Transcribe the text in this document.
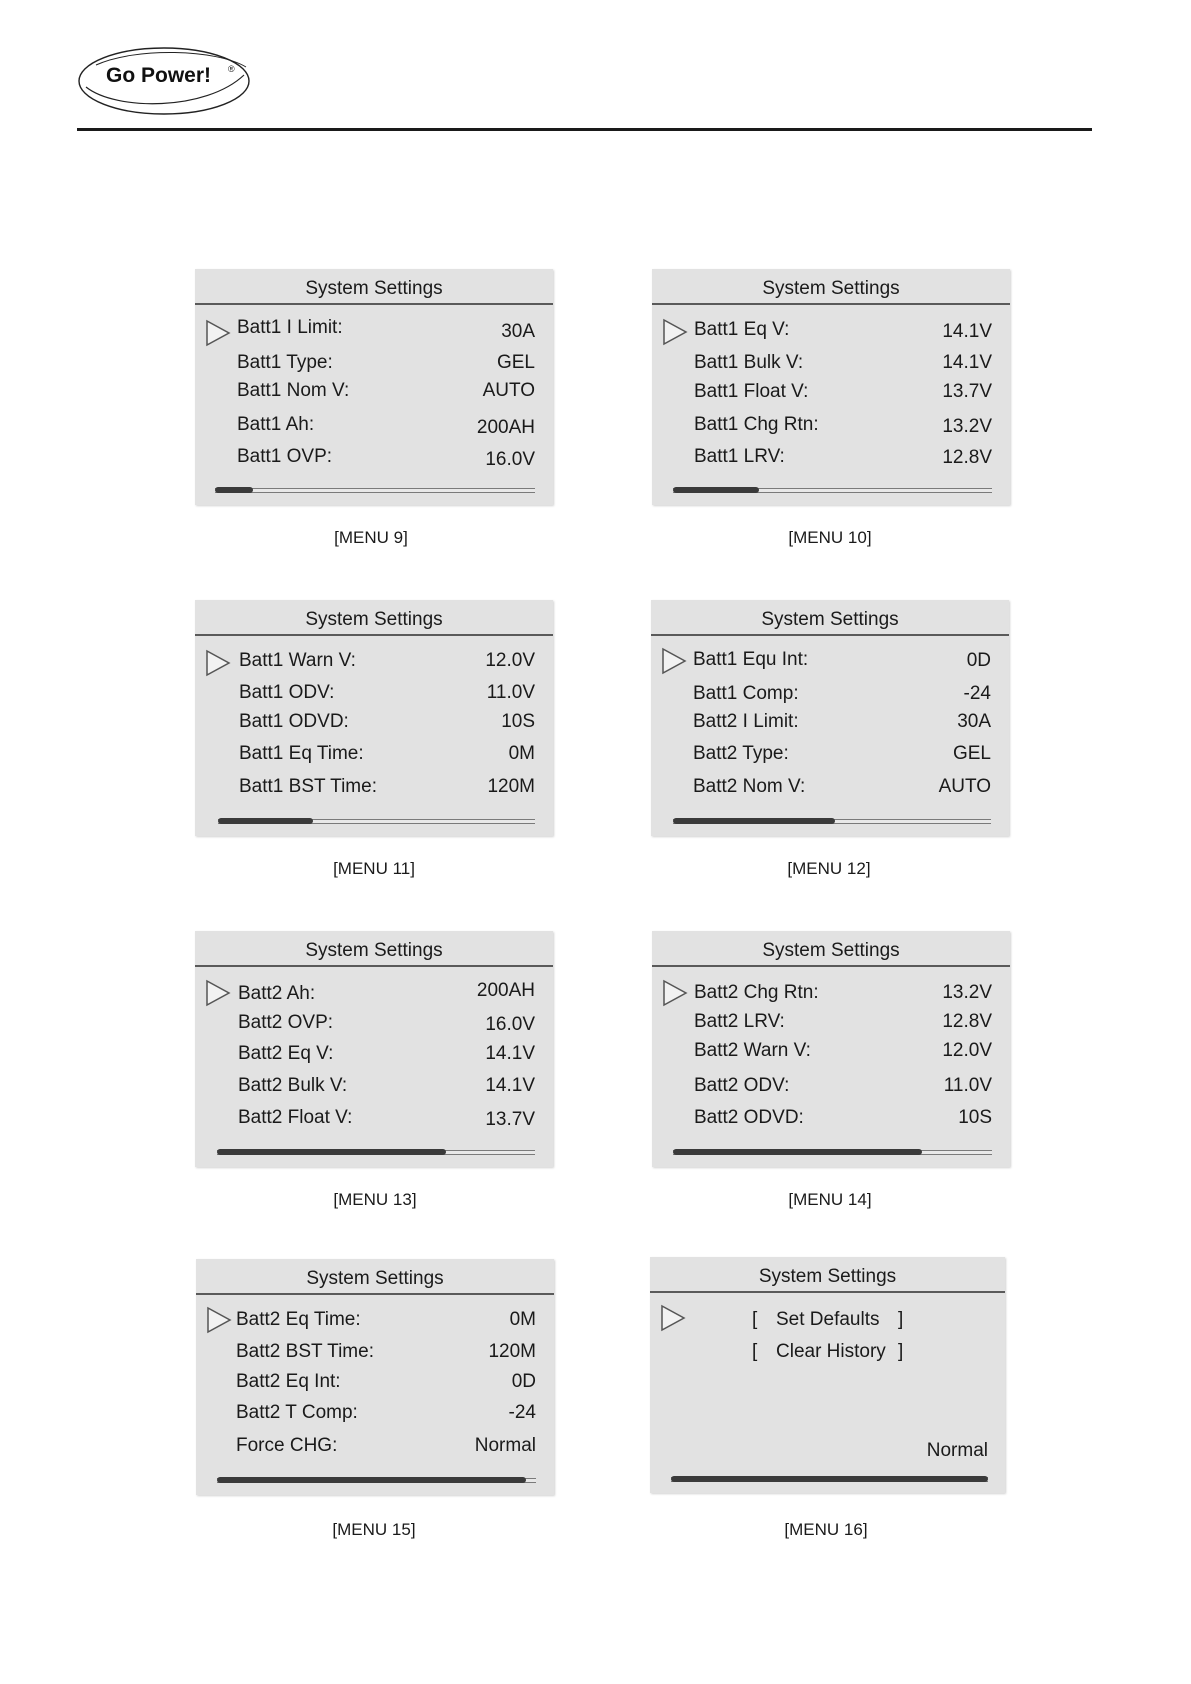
Go Power! ®
System Settings
Batt1 I Limit:	30A
Batt1 Type:	GEL
Batt1 Nom V:	AUTO
Batt1 Ah:	200AH
Batt1 OVP:	16.0V
[MENU 9]
System Settings
Batt1 Eq V:	14.1V
Batt1 Bulk V:	14.1V
Batt1 Float V:	13.7V
Batt1 Chg Rtn:	13.2V
Batt1 LRV:	12.8V
[MENU 10]
System Settings
Batt1 Warn V:	12.0V
Batt1 ODV:	11.0V
Batt1 ODVD:	10S
Batt1 Eq Time:	0M
Batt1 BST Time:	120M
[MENU 11]
System Settings
Batt1 Equ Int:	0D
Batt1 Comp:	-24
Batt2 I Limit:	30A
Batt2 Type:	GEL
Batt2 Nom V:	AUTO
[MENU 12]
System Settings
Batt2 Ah:	200AH
Batt2 OVP:	16.0V
Batt2 Eq V:	14.1V
Batt2 Bulk V:	14.1V
Batt2 Float V:	13.7V
[MENU 13]
System Settings
Batt2 Chg Rtn:	13.2V
Batt2 LRV:	12.8V
Batt2 Warn V:	12.0V
Batt2 ODV:	11.0V
Batt2 ODVD:	10S
[MENU 14]
System Settings
Batt2 Eq Time:	0M
Batt2 BST Time:	120M
Batt2 Eq Int:	0D
Batt2 T Comp:	-24
Force CHG:	Normal
[MENU 15]
System Settings
[ Set Defaults ]
[ Clear History ]
Normal
[MENU 16]
